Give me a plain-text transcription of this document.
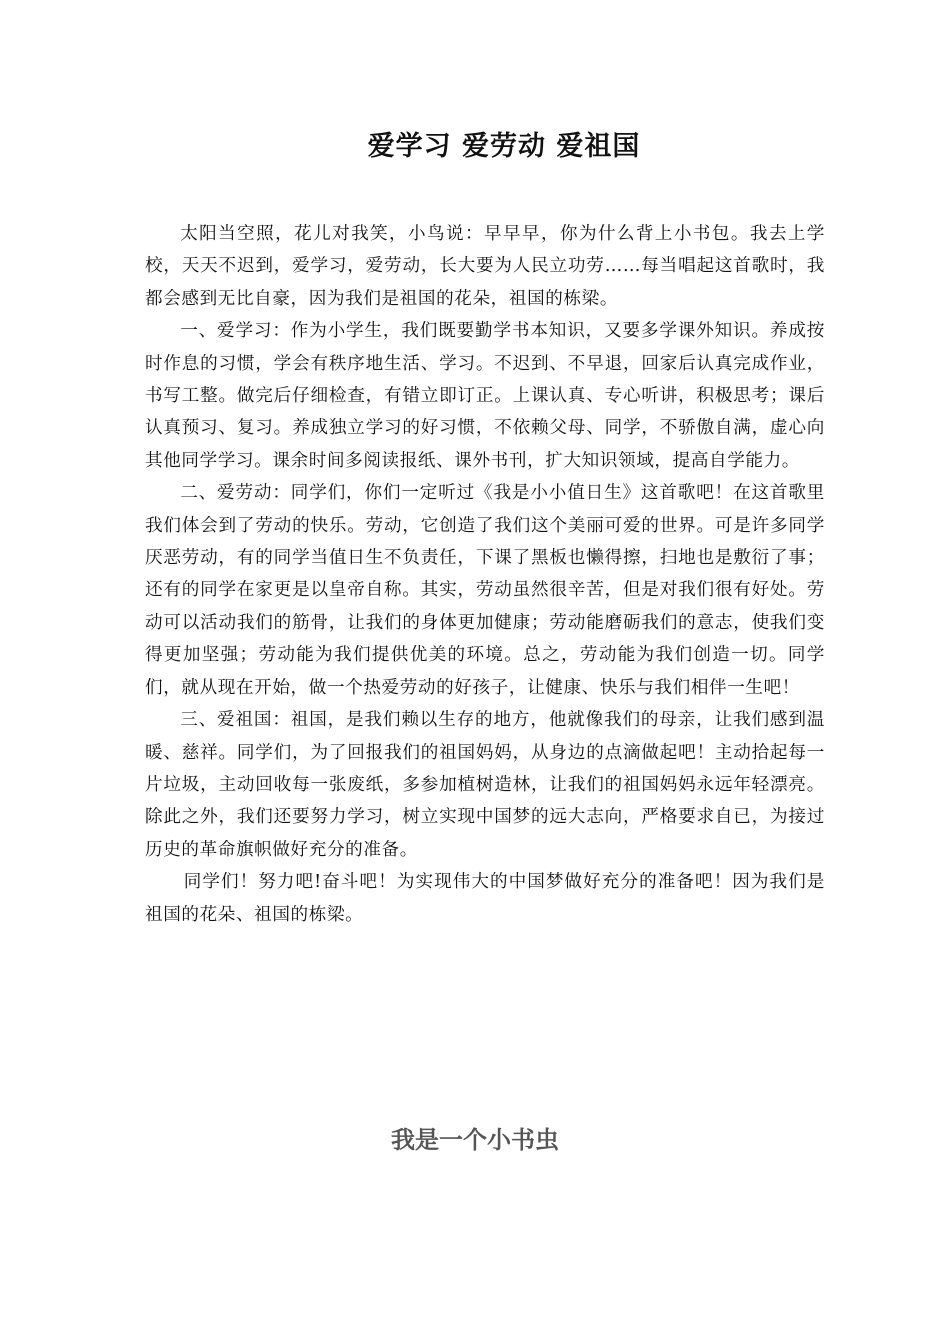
爱学习 爱劳动 爱祖国

太阳当空照，花儿对我笑，小鸟说：早早早，你为什么背上小书包。我去上学校，天天不迟到，爱学习，爱劳动，长大要为人民立功劳……每当唱起这首歌时，我都会感到无比自豪，因为我们是祖国的花朵，祖国的栋梁。

一、爱学习：作为小学生，我们既要勤学书本知识，又要多学课外知识。养成按时作息的习惯，学会有秩序地生活、学习。不迟到、不早退，回家后认真完成作业，书写工整。做完后仔细检查，有错立即订正。上课认真、专心听讲，积极思考；课后认真预习、复习。养成独立学习的好习惯，不依赖父母、同学，不骄傲自满，虚心向其他同学学习。课余时间多阅读报纸、课外书刊，扩大知识领域，提高自学能力。

二、爱劳动：同学们，你们一定听过《我是小小值日生》这首歌吧！在这首歌里我们体会到了劳动的快乐。劳动，它创造了我们这个美丽可爱的世界。可是许多同学厌恶劳动，有的同学当值日生不负责任，下课了黑板也懒得擦，扫地也是敷衍了事；还有的同学在家更是以皇帝自称。其实，劳动虽然很辛苦，但是对我们很有好处。劳动可以活动我们的筋骨，让我们的身体更加健康；劳动能磨砺我们的意志，使我们变得更加坚强；劳动能为我们提供优美的环境。总之，劳动能为我们创造一切。同学们，就从现在开始，做一个热爱劳动的好孩子，让健康、快乐与我们相伴一生吧！

三、爱祖国：祖国，是我们赖以生存的地方，他就像我们的母亲，让我们感到温暖、慈祥。同学们，为了回报我们的祖国妈妈，从身边的点滴做起吧！主动拾起每一片垃圾，主动回收每一张废纸，多参加植树造林，让我们的祖国妈妈永远年轻漂亮。除此之外，我们还要努力学习，树立实现中国梦的远大志向，严格要求自已，为接过历史的革命旗帜做好充分的准备。

同学们！努力吧!奋斗吧！为实现伟大的中国梦做好充分的准备吧！因为我们是祖国的花朵、祖国的栋梁。

我是一个小书虫
